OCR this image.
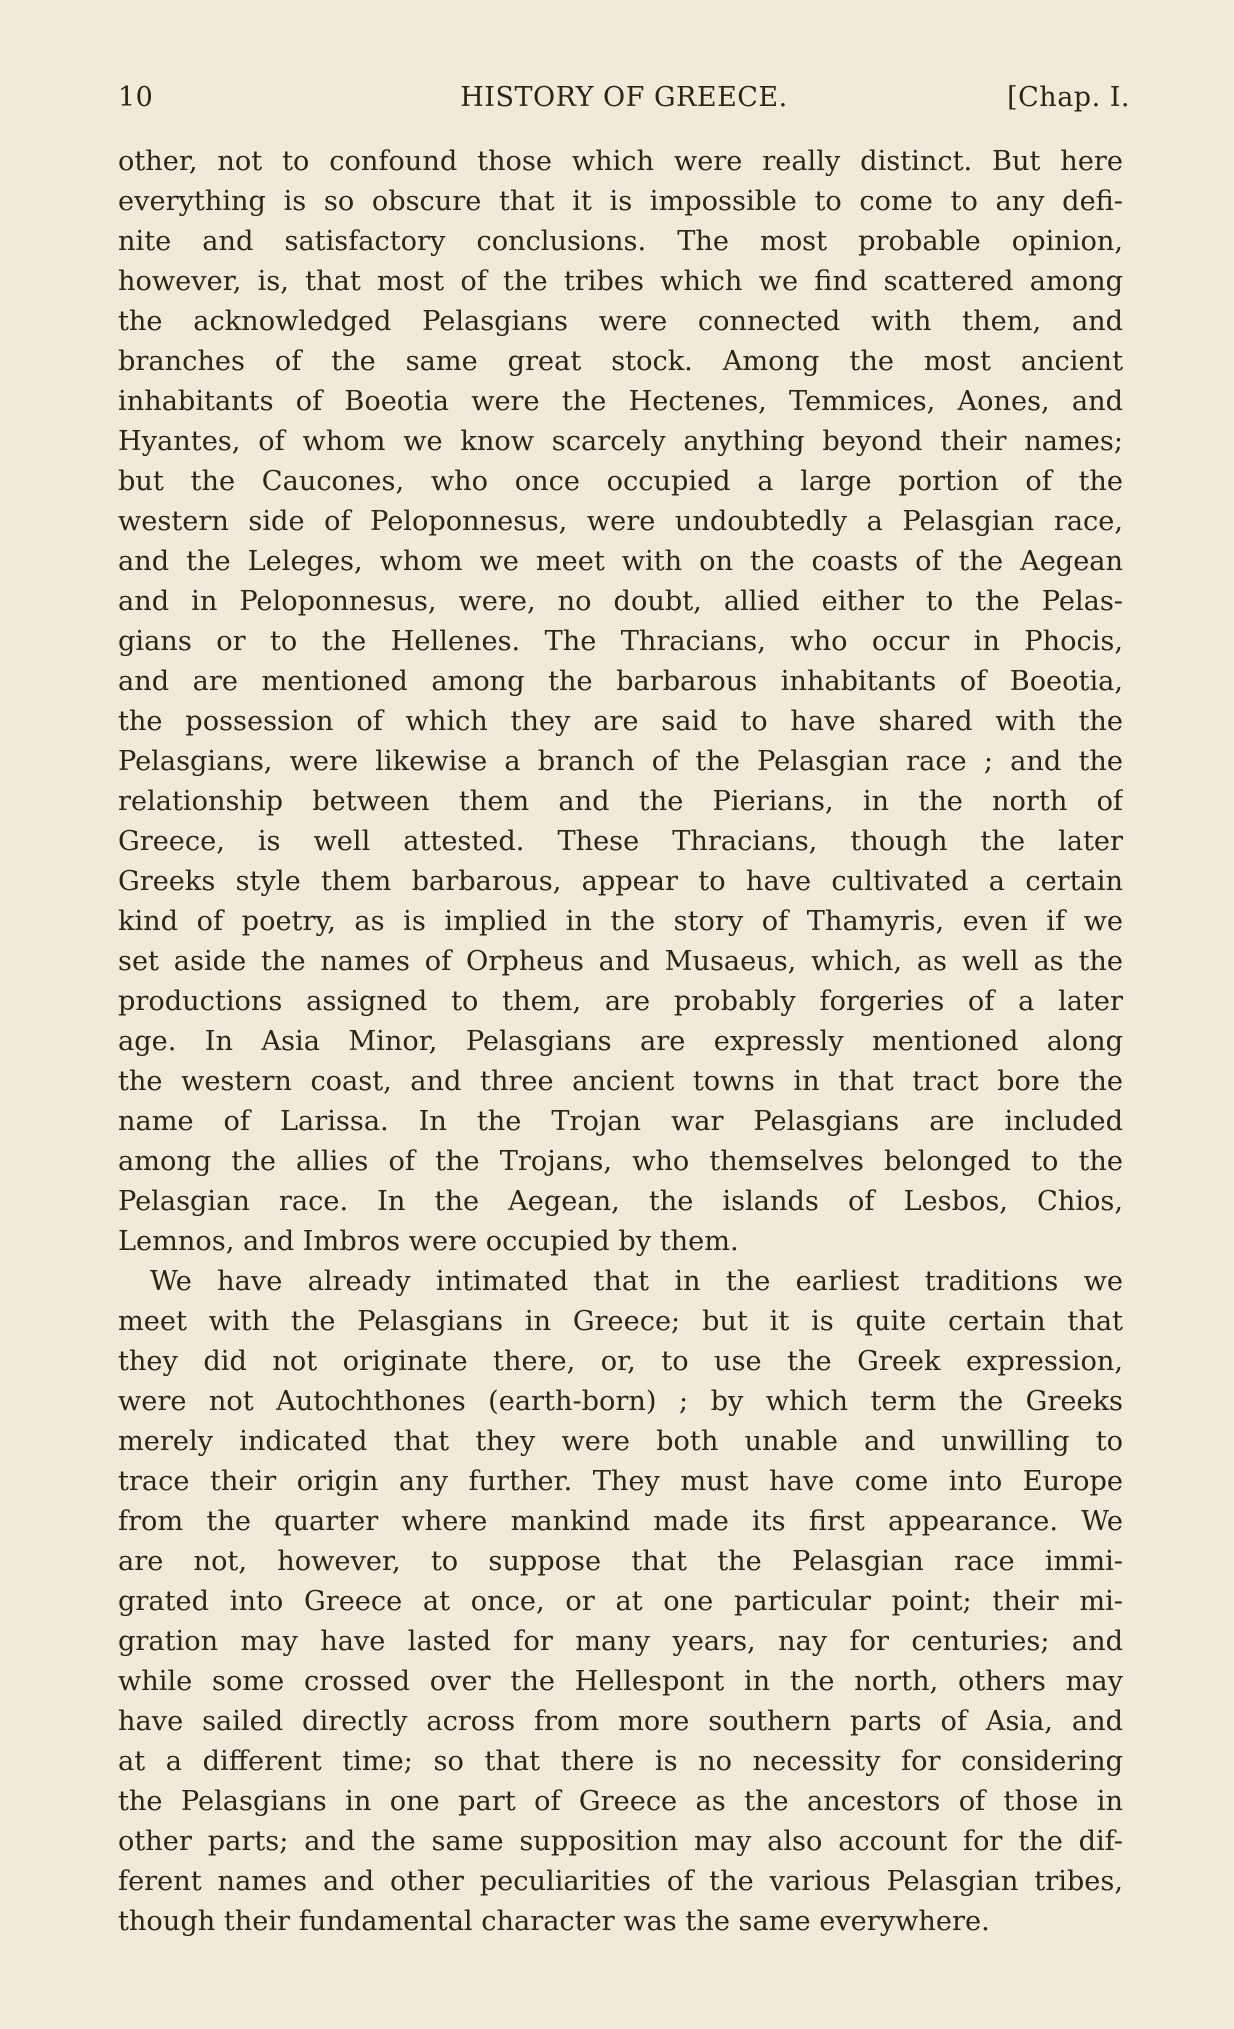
10	HISTORY OF GREECE.	[Chap. I.
other, not to confound those which were really distinct. But here
everything is so obscure that it is impossible to come to any defi-
nite and satisfactory conclusions. The most probable opinion,
however, is, that most of the tribes which we find scattered among
the acknowledged Pelasgians were connected with them, and
branches of the same great stock. Among the most ancient
inhabitants of Boeotia were the Hectenes, Temmices, Aones, and
Hyantes, of whom we know scarcely anything beyond their names;
but the Caucones, who once occupied a large portion of the
western side of Peloponnesus, were undoubtedly a Pelasgian race,
and the Leleges, whom we meet with on the coasts of the Aegean
and in Peloponnesus, were, no doubt, allied either to the Pelas-
gians or to the Hellenes. The Thracians, who occur in Phocis,
and are mentioned among the barbarous inhabitants of Boeotia,
the possession of which they are said to have shared with the
Pelasgians, were likewise a branch of the Pelasgian race ; and the
relationship between them and the Pierians, in the north of
Greece, is well attested. These Thracians, though the later
Greeks style them barbarous, appear to have cultivated a certain
kind of poetry, as is implied in the story of Thamyris, even if we
set aside the names of Orpheus and Musaeus, which, as well as the
productions assigned to them, are probably forgeries of a later
age. In Asia Minor, Pelasgians are expressly mentioned along
the western coast, and three ancient towns in that tract bore the
name of Larissa. In the Trojan war Pelasgians are included
among the allies of the Trojans, who themselves belonged to the
Pelasgian race. In the Aegean, the islands of Lesbos, Chios,
Lemnos, and Imbros were occupied by them.
We have already intimated that in the earliest traditions we
meet with the Pelasgians in Greece; but it is quite certain that
they did not originate there, or, to use the Greek expression,
were not Autochthones (earth-born) ; by which term the Greeks
merely indicated that they were both unable and unwilling to
trace their origin any further. They must have come into Europe
from the quarter where mankind made its first appearance. We
are not, however, to suppose that the Pelasgian race immi-
grated into Greece at once, or at one particular point; their mi-
gration may have lasted for many years, nay for centuries; and
while some crossed over the Hellespont in the north, others may
have sailed directly across from more southern parts of Asia, and
at a different time; so that there is no necessity for considering
the Pelasgians in one part of Greece as the ancestors of those in
other parts; and the same supposition may also account for the dif-
ferent names and other peculiarities of the various Pelasgian tribes,
though their fundamental character was the same everywhere.
